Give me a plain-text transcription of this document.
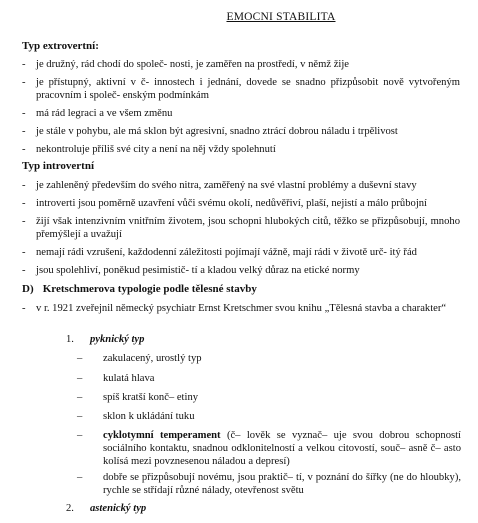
EMOCNI STABILITA
Typ extrovertní:
- je družný, rád chodí do společ- nosti, je zaměřen na prostředí, v němž žije
- je přístupný, aktivní v č- innostech i jednání, dovede se snadno přizpůsobit nově vytvořeným pracovním i společ- enským podmínkám
- má rád legraci a ve všem změnu
- je stále v pohybu, ale má sklon být agresivní, snadno ztrácí dobrou náladu i trpělivost
- nekontroluje příliš své city a není na něj vždy spolehnutí
Typ introvertní
- je zahleněný především do svého nitra, zaměřený na své vlastní problémy a duševní stavy
- introverti jsou poměrně uzavření vůči svému okolí, nedůvěřiví, plaší, nejistí a málo průbojní
- žijí však intenzivním vnitřním životem, jsou schopni hlubokých citů, těžko se přizpůsobují, mnoho přemýšlejí a uvažují
- nemají rádi vzrušení, každodenní záležitosti pojímají vážně, mají rádi v životě urč- itý řád
- jsou spolehliví, poněkud pesimistič- tí a kladou velký důraz na etické normy
D) Kretschmerova typologie podle tělesné stavby
- v r. 1921 zveřejnil německý psychiatr Ernst Kretschmer svou knihu „Tělesná stavba a charakter“
1. pyknický typ
– zakulacený, urostlý typ
– kulatá hlava
– spíš kratší konč– etiny
– sklon k ukládání tuku
– cyklotymní temperament (č– lověk se vyznač– uje svou dobrou schopností sociálního kontaktu, snadnou odklonitelností a velkou citovostí, souč– asně č– asto kolísá mezi povznesenou náladou a depresí)
– dobře se přizpůsobují novému, jsou praktič– tí, v poznání do šířky (ne do hloubky), rychle se střídají různé nálady, otevřenost světu
2. astenický typ
